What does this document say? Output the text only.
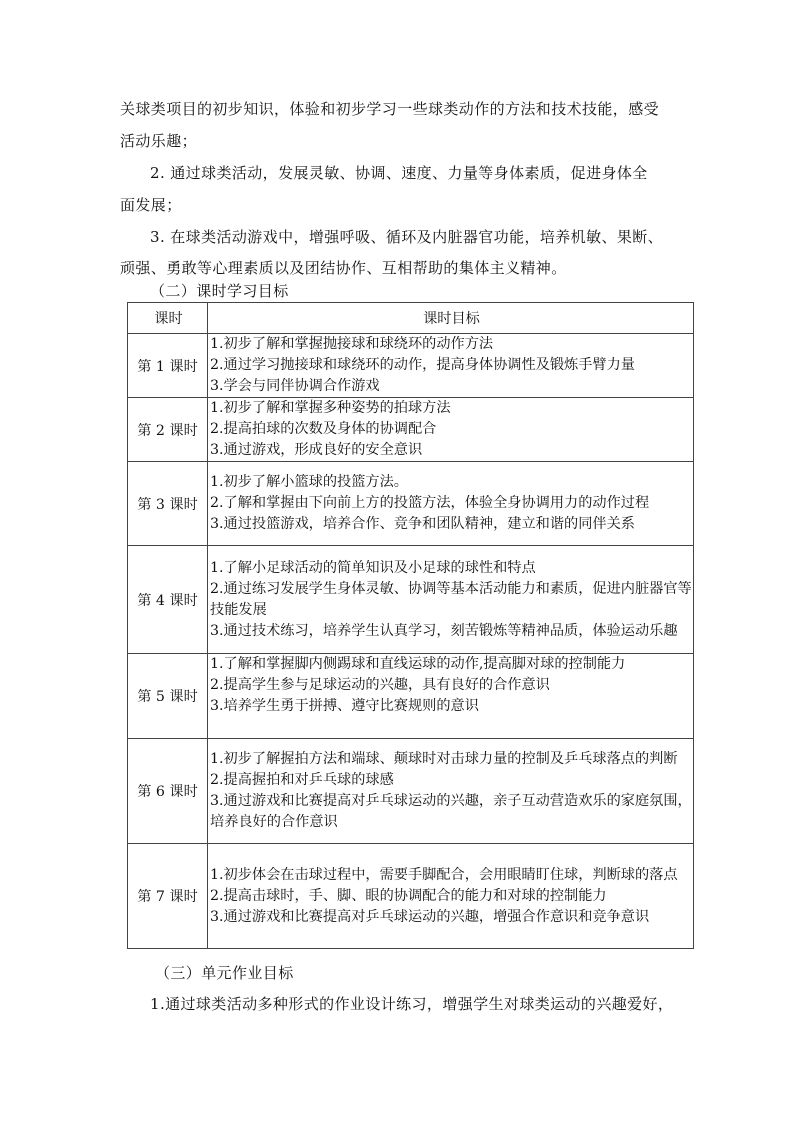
关球类项目的初步知识，体验和初步学习一些球类动作的方法和技术技能，感受
活动乐趣；
2. 通过球类活动，发展灵敏、协调、速度、力量等身体素质，促进身体全
面发展；
3. 在球类活动游戏中，增强呼吸、循环及内脏器官功能，培养机敏、果断、
顽强、勇敢等心理素质以及团结协作、互相帮助的集体主义精神。
（二）课时学习目标
课时	课时目标
第 1 课时	1.初步了解和掌握抛接球和球绕环的动作方法
2.通过学习抛接球和球绕环的动作，提高身体协调性及锻炼手臂力量
3.学会与同伴协调合作游戏

第 2 课时	1.初步了解和掌握多种姿势的拍球方法
2.提高拍球的次数及身体的协调配合
3.通过游戏，形成良好的安全意识

第 3 课时	1.初步了解小篮球的投篮方法。
2.了解和掌握由下向前上方的投篮方法，体验全身协调用力的动作过程
3.通过投篮游戏，培养合作、竞争和团队精神，建立和谐的同伴关系

第 4 课时	1.了解小足球活动的简单知识及小足球的球性和特点
2.通过练习发展学生身体灵敏、协调等基本活动能力和素质，促进内脏器官等技能发展
3.通过技术练习，培养学生认真学习，刻苦锻炼等精神品质，体验运动乐趣

第 5 课时	1.了解和掌握脚内侧踢球和直线运球的动作,提高脚对球的控制能力
2.提高学生参与足球运动的兴趣，具有良好的合作意识
3.培养学生勇于拼搏、遵守比赛规则的意识

第 6 课时	1.初步了解握拍方法和端球、颠球时对击球力量的控制及乒乓球落点的判断
2.提高握拍和对乒乓球的球感
3.通过游戏和比赛提高对乒乓球运动的兴趣，亲子互动营造欢乐的家庭氛围，培养良好的合作意识

第 7 课时	1.初步体会在击球过程中，需要手脚配合，会用眼睛盯住球，判断球的落点
2.提高击球时，手、脚、眼的协调配合的能力和对球的控制能力
3.通过游戏和比赛提高对乒乓球运动的兴趣，增强合作意识和竞争意识
（三）单元作业目标
1.通过球类活动多种形式的作业设计练习，增强学生对球类运动的兴趣爱好，
